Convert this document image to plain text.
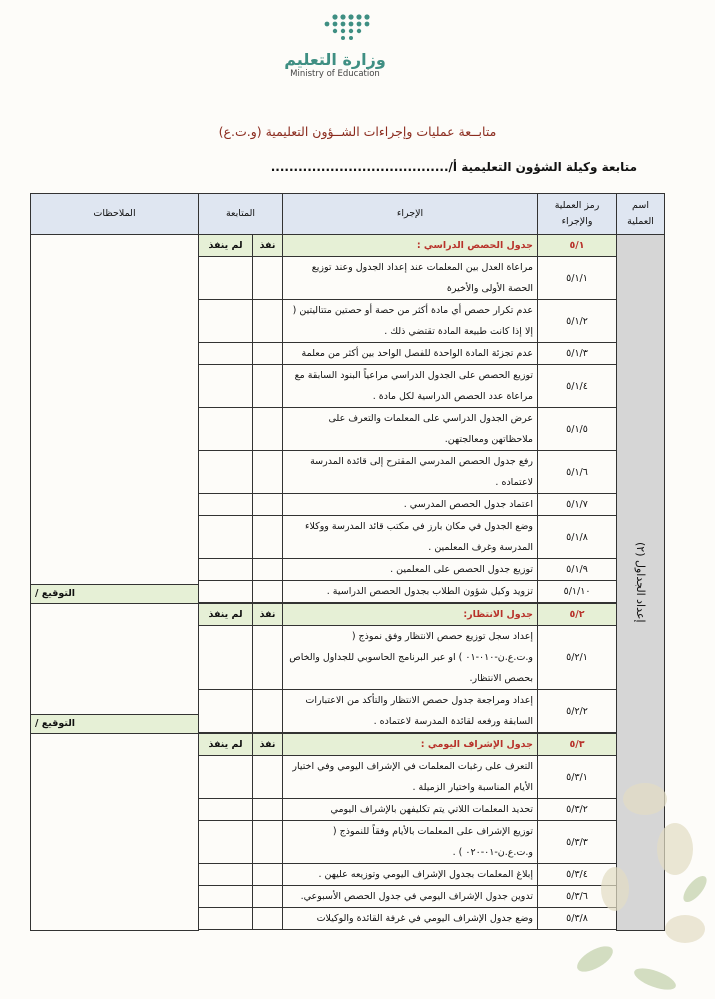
وزارة التعليم
Ministry of Education
متابــعة عمليات وإجراءات الشــؤون التعليمية (و.ت.ع)
متابعة وكيلة الشؤون التعليمية أ/.......................................
اسم العملية	رمز العملية والإجراء	الإجراء	المتابعة		الملاحظات

إعداد الجداول (٢)	٥/١	جدول الحصص الدراسي :	نفذ	لم ينفذ	التوقيع /

	٥/١/١	مراعاة العدل بين المعلمات عند إعداد الجدول وعند توزيع الحصة الأولى والأخيرة			
	٥/١/٢	عدم تكرار حصص أي مادة أكثر من حصة أو حصتين متتاليتين ( إلا إذا كانت طبيعة المادة تقتضي ذلك .			
	٥/١/٣	عدم تجزئة المادة الواحدة للفصل الواحد بين أكثر من معلمة			
	٥/١/٤	توزيع الحصص على الجدول الدراسي مراعياً البنود السابقة مع مراعاة عدد الحصص الدراسية لكل مادة .			
	٥/١/٥	عرض الجدول الدراسي على المعلمات والتعرف على ملاحظاتهن ومعالجتهن.			
	٥/١/٦	رفع جدول الحصص المدرسي المقترح إلى قائدة المدرسة لاعتماده .			
	٥/١/٧	اعتماد جدول الحصص المدرسي .			
	٥/١/٨	وضع الجدول في مكان بارز في مكتب قائد المدرسة ووكلاء المدرسة وغرف المعلمين .			
	٥/١/٩	توزيع جدول الحصص على المعلمين .			
	٥/١/١٠	تزويد وكيل شؤون الطلاب بجدول الحصص الدراسية .			

	٥/٢	جدول الانتظار:	نفذ	لم ينفذ	التوقيع /

	٥/٢/١	إعداد سجل توزيع حصص الانتظار وفق نموذج ( و.ت.ع.ن-٠١٠-٠١ ) او عبر البرنامج الحاسوبي للجداول والخاص بحصص الانتظار.			
	٥/٢/٢	إعداد ومراجعة جدول حصص الانتظار والتأكد من الاعتبارات السابقة ورفعه لقائدة المدرسة لاعتماده .			

	٥/٣	جدول الإشراف اليومي :	نفذ	لم ينفذ	
	٥/٣/١	التعرف على رغبات المعلمات في الإشراف اليومي وفي اختيار الأيام المناسبة واختيار الزميلة .			
	٥/٣/٢	تحديد المعلمات اللاتي يتم تكليفهن بالإشراف اليومي			
	٥/٣/٣	توزيع الإشراف على المعلمات بالأيام وفقاً للنموذج ( و.ت.ع.ن-٠١-٠٢٠ ) .			
	٥/٣/٤	إبلاغ المعلمات بجدول الإشراف اليومي وتوزيعه عليهن .			
	٥/٣/٦	تدوين جدول الإشراف اليومي في جدول الحصص الأسبوعي.			
	٥/٣/٨	وضع جدول الإشراف اليومي في غرفة القائدة والوكيلات			
